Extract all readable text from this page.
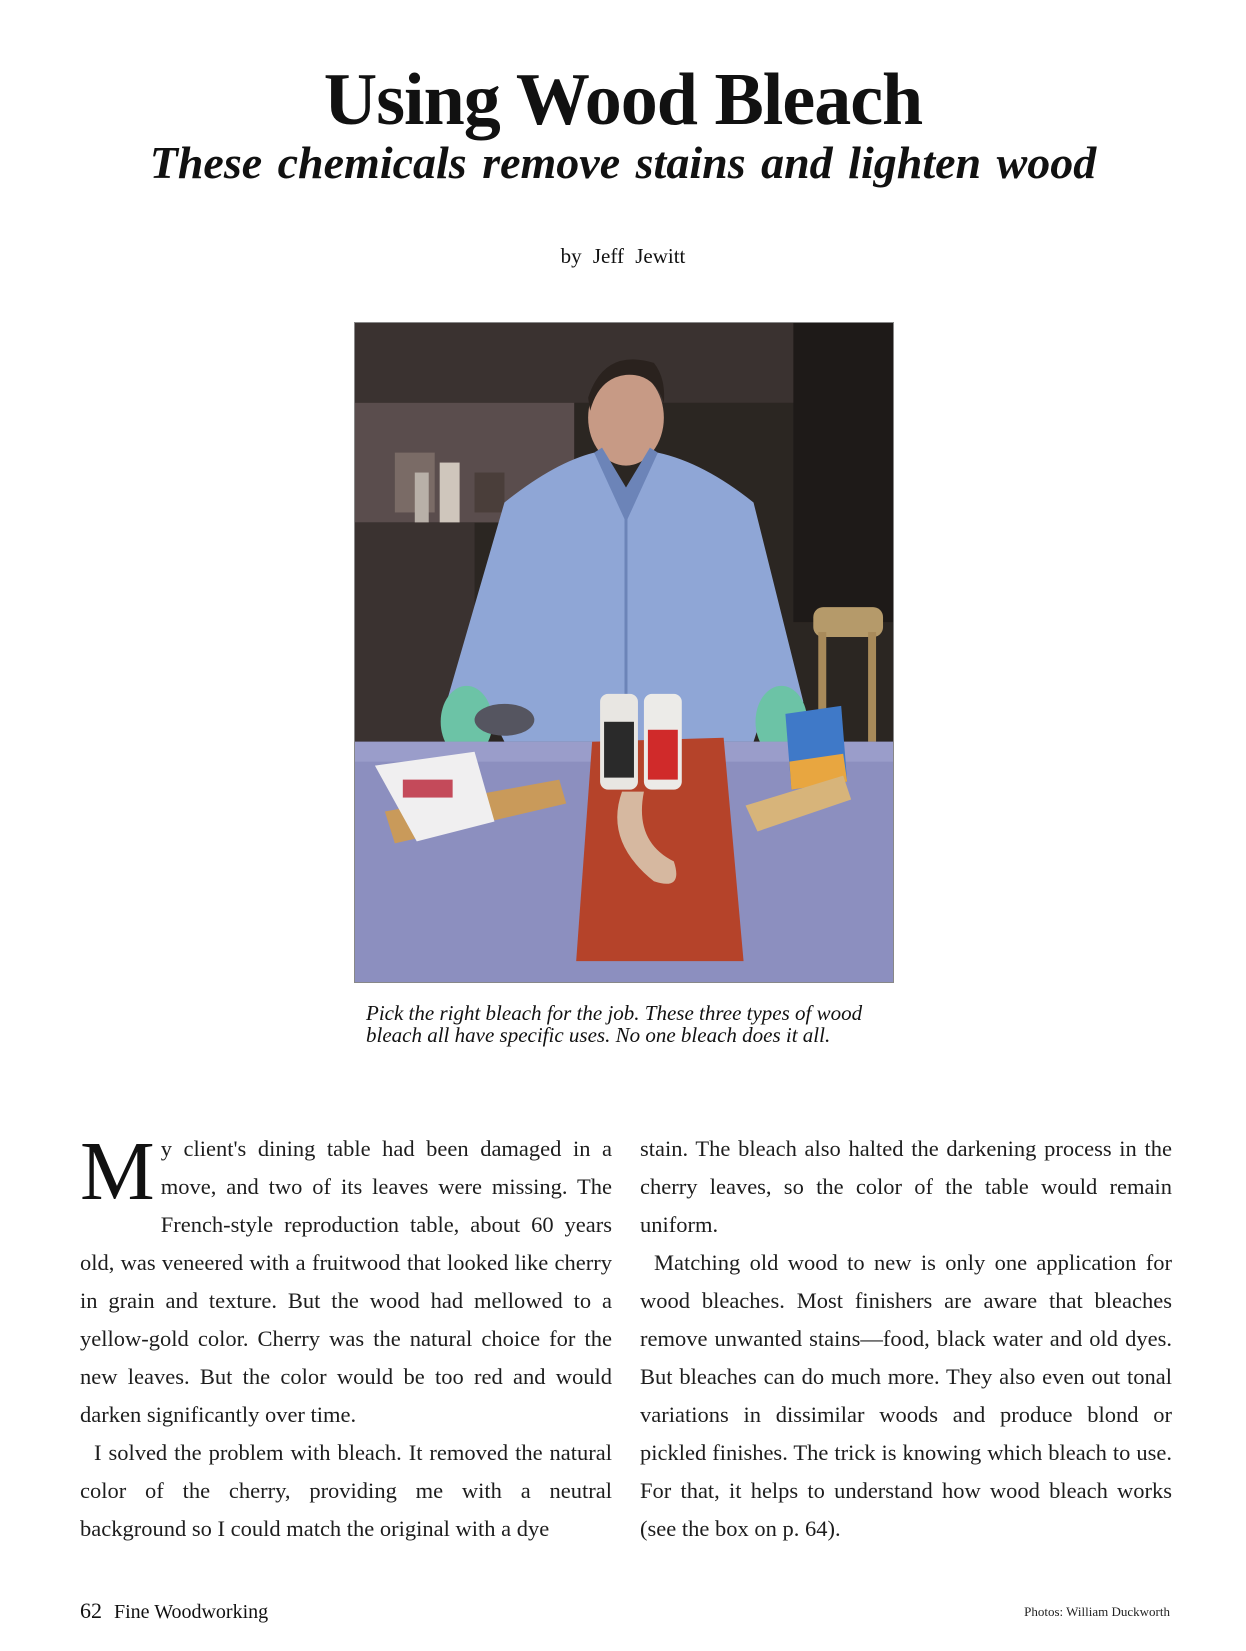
Using Wood Bleach
These chemicals remove stains and lighten wood
by Jeff Jewitt
Pick the right bleach for the job. These three types of wood bleach all have specific uses. No one bleach does it all.

My client's dining table had been damaged in a move, and two of its leaves were missing. The French-style reproduction table, about 60 years old, was veneered with a fruitwood that looked like cherry in grain and texture. But the wood had mellowed to a yellow-gold color. Cherry was the natural choice for the new leaves. But the color would be too red and would darken significantly over time.

I solved the problem with bleach. It removed the natural color of the cherry, providing me with a neutral background so I could match the original with a dye

stain. The bleach also halted the darkening process in the cherry leaves, so the color of the table would remain uniform.

Matching old wood to new is only one application for wood bleaches. Most finishers are aware that bleaches remove unwanted stains—food, black water and old dyes. But bleaches can do much more. They also even out tonal variations in dissimilar woods and produce blond or pickled finishes. The trick is knowing which bleach to use. For that, it helps to understand how wood bleach works (see the box on p. 64).

62 Fine Woodworking	Photos: William Duckworth
